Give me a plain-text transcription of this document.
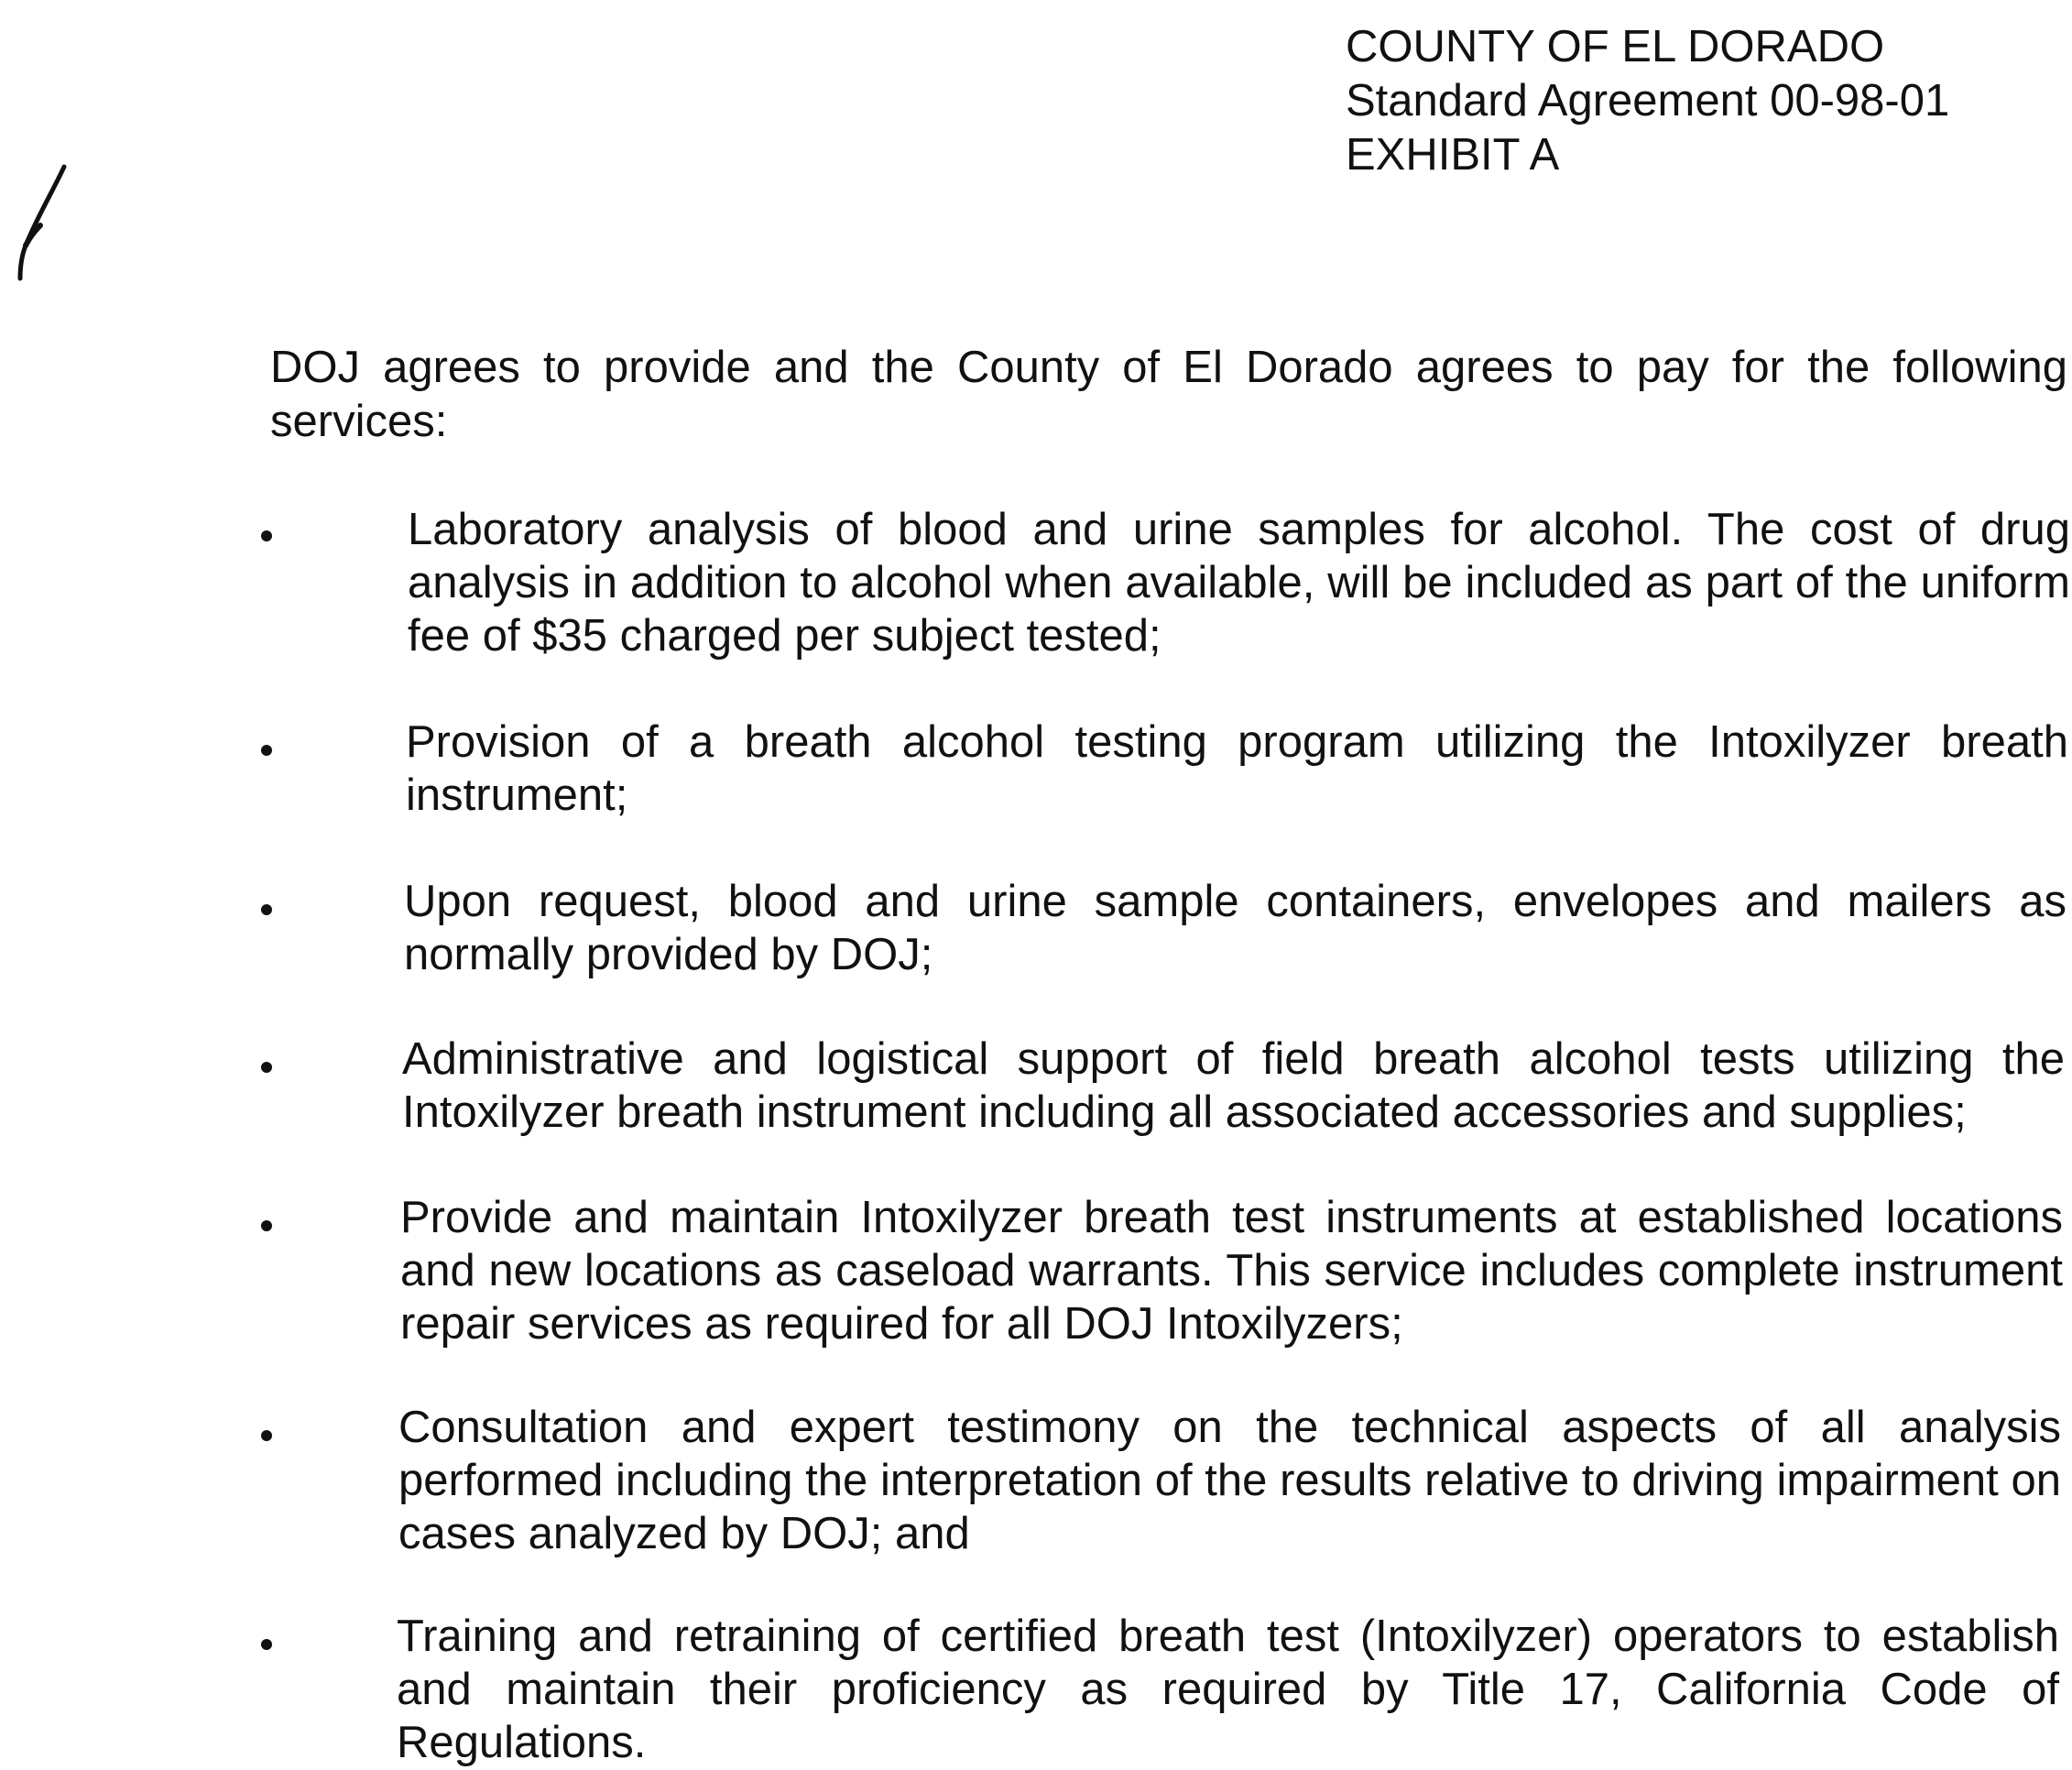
COUNTY OF EL DORADO
Standard Agreement 00-98-01
EXHIBIT A
DOJ agrees to provide and the County of El Dorado agrees to pay for the following services:
Laboratory analysis of blood and urine samples for alcohol. The cost of drug analysis in addition to alcohol when available, will be included as part of the uniform fee of $35 charged per subject tested;
Provision of a breath alcohol testing program utilizing the Intoxilyzer breath instrument;
Upon request, blood and urine sample containers, envelopes and mailers as normally provided by DOJ;
Administrative and logistical support of field breath alcohol tests utilizing the Intoxilyzer breath instrument including all associated accessories and supplies;
Provide and maintain Intoxilyzer breath test instruments at established locations and new locations as caseload warrants. This service includes complete instrument repair services as required for all DOJ Intoxilyzers;
Consultation and expert testimony on the technical aspects of all analysis performed including the interpretation of the results relative to driving impairment on cases analyzed by DOJ; and
Training and retraining of certified breath test (Intoxilyzer) operators to establish and maintain their proficiency as required by Title 17, California Code of Regulations.
